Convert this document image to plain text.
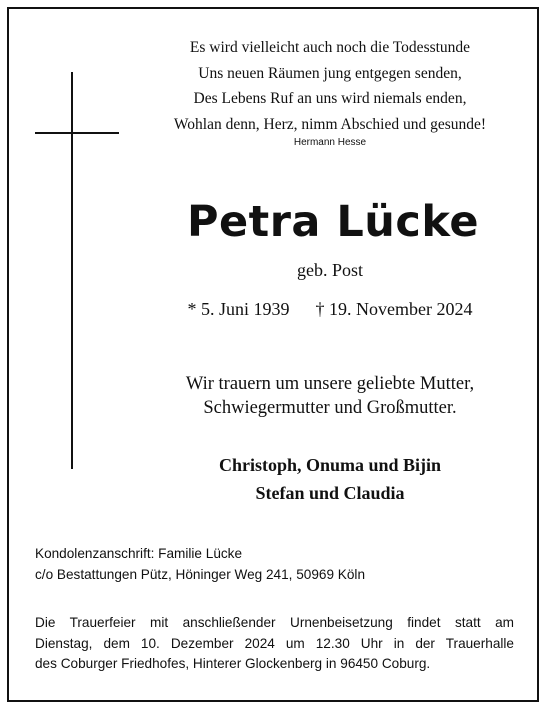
Es wird vielleicht auch noch die Todesstunde
Uns neuen Räumen jung entgegen senden,
Des Lebens Ruf an uns wird niemals enden,
Wohlan denn, Herz, nimm Abschied und gesunde!
Hermann Hesse
Petra Lücke
geb. Post
* 5. Juni 1939 † 19. November 2024
Wir trauern um unsere geliebte Mutter,
Schwiegermutter und Großmutter.
Christoph, Onuma und Bijin
Stefan und Claudia
Kondolenzanschrift: Familie Lücke
c/o Bestattungen Pütz, Höninger Weg 241, 50969 Köln
Die Trauerfeier mit anschließender Urnenbeisetzung findet statt am
Dienstag, dem 10. Dezember 2024 um 12.30 Uhr in der Trauerhalle
des Coburger Friedhofes, Hinterer Glockenberg in 96450 Coburg.
